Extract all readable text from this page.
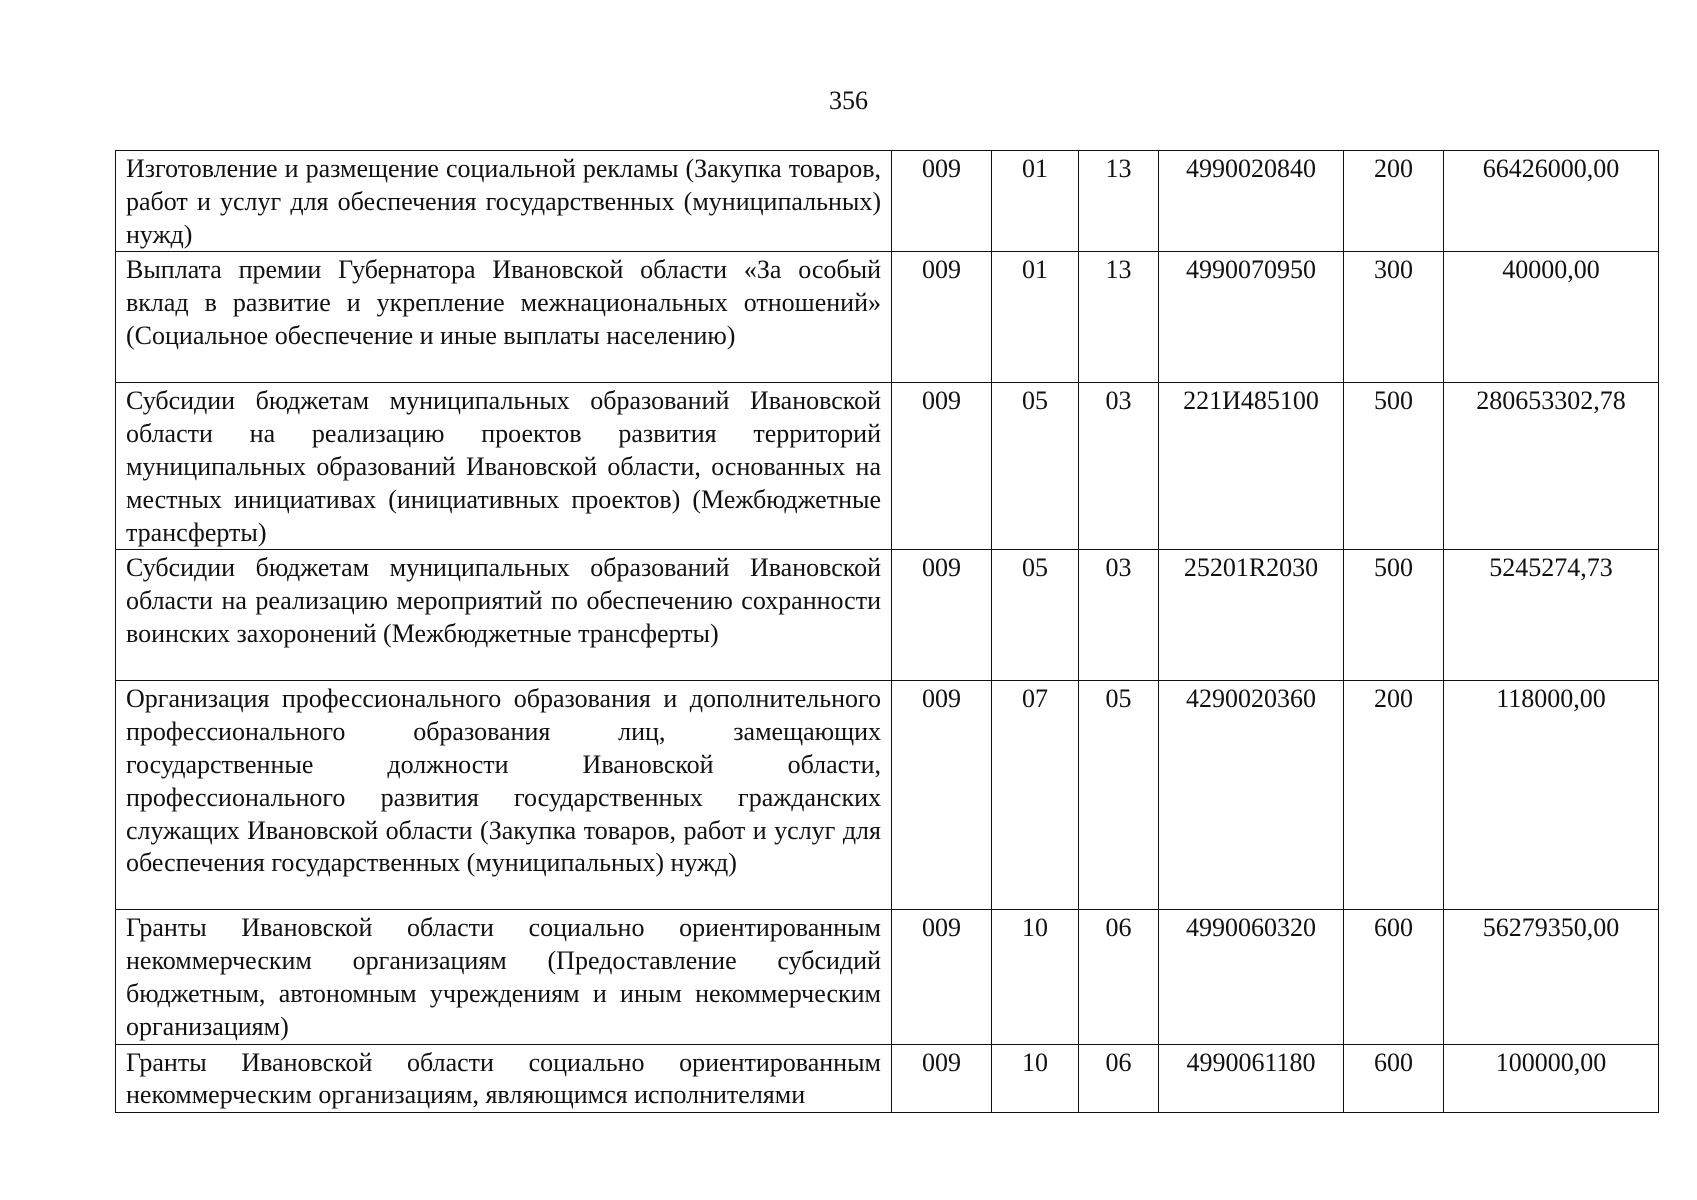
356
Изготовление и размещение социальной рекламы (Закупка товаров, работ и услуг для обеспечения государственных (муниципальных) нужд)	009	01	13	4990020840	200	66426000,00
Выплата премии Губернатора Ивановской области «За особый вклад в развитие и укрепление межнациональных отношений» (Социальное обеспечение и иные выплаты населению)	009	01	13	4990070950	300	40000,00
Субсидии бюджетам муниципальных образований Ивановской области на реализацию проектов развития территорий муниципальных образований Ивановской области, основанных на местных инициативах (инициативных проектов) (Межбюджетные трансферты)	009	05	03	221И485100	500	280653302,78
Субсидии бюджетам муниципальных образований Ивановской области на реализацию мероприятий по обеспечению сохранности воинских захоронений (Межбюджетные трансферты)	009	05	03	25201R2030	500	5245274,73
Организация профессионального образования и дополнительного профессионального образования лиц, замещающих государственные должности Ивановской области, профессионального развития государственных гражданских служащих Ивановской области (Закупка товаров, работ и услуг для обеспечения государственных (муниципальных) нужд)	009	07	05	4290020360	200	118000,00
Гранты Ивановской области социально ориентированным некоммерческим организациям (Предоставление субсидий бюджетным, автономным учреждениям и иным некоммерческим организациям)	009	10	06	4990060320	600	56279350,00
Гранты Ивановской области социально ориентированным некоммерческим организациям, являющимся исполнителями	009	10	06	4990061180	600	100000,00
